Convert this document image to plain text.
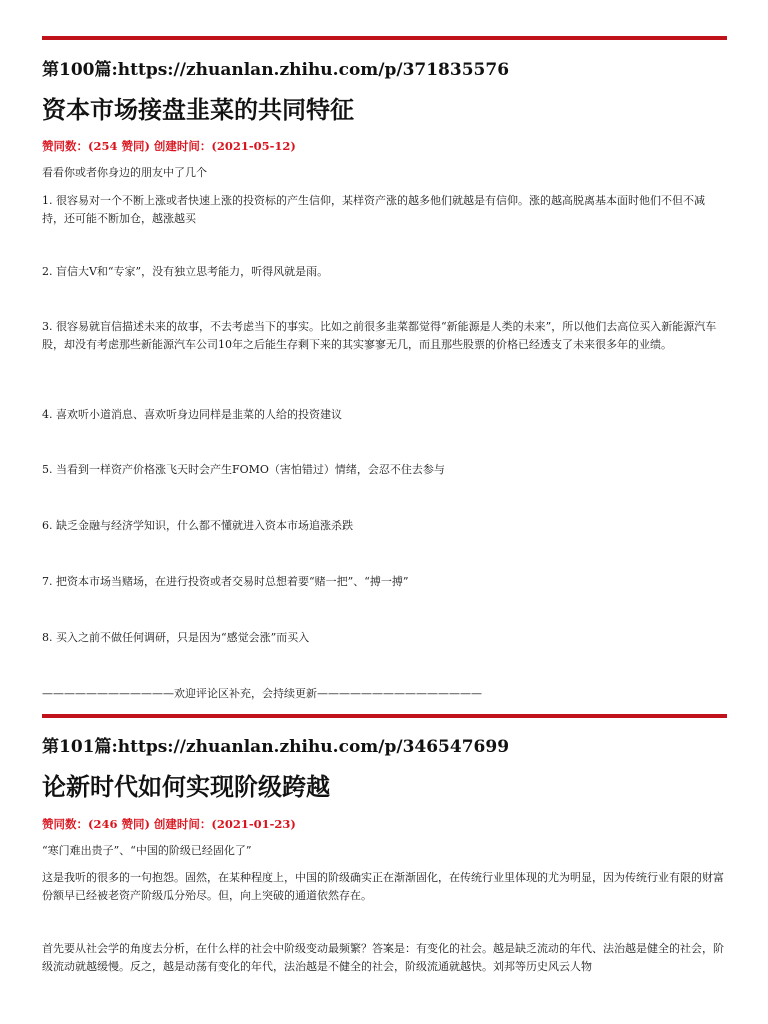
第100篇:https://zhuanlan.zhihu.com/p/371835576
资本市场接盘韭菜的共同特征
赞同数：(254 赞同) 创建时间：(2021-05-12)

看看你或者你身边的朋友中了几个

1. 很容易对一个不断上涨或者快速上涨的投资标的产生信仰，某样资产涨的越多他们就越是有信仰。涨的越高脱离基本面时他们不但不减持，还可能不断加仓，越涨越买

2. 盲信大V和“专家”，没有独立思考能力，听得风就是雨。

3. 很容易就盲信描述未来的故事，不去考虑当下的事实。比如之前很多韭菜都觉得“新能源是人类的未来”，所以他们去高位买入新能源汽车股，却没有考虑那些新能源汽车公司10年之后能生存剩下来的其实寥寥无几，而且那些股票的价格已经透支了未来很多年的业绩。

4. 喜欢听小道消息、喜欢听身边同样是韭菜的人给的投资建议

5. 当看到一样资产价格涨飞天时会产生FOMO（害怕错过）情绪，会忍不住去参与

6. 缺乏金融与经济学知识，什么都不懂就进入资本市场追涨杀跌

7. 把资本市场当赌场，在进行投资或者交易时总想着要“赌一把”、“搏一搏”

8. 买入之前不做任何调研，只是因为“感觉会涨”而买入

————————————欢迎评论区补充，会持续更新———————————————
第101篇:https://zhuanlan.zhihu.com/p/346547699
论新时代如何实现阶级跨越
赞同数：(246 赞同) 创建时间：(2021-01-23)

“寒门难出贵子”、“中国的阶级已经固化了”

这是我听的很多的一句抱怨。固然，在某种程度上，中国的阶级确实正在渐渐固化，在传统行业里体现的尤为明显，因为传统行业有限的财富份额早已经被老资产阶级瓜分殆尽。但，向上突破的通道依然存在。

首先要从社会学的角度去分析，在什么样的社会中阶级变动最频繁？答案是：有变化的社会。越是缺乏流动的年代、法治越是健全的社会，阶级流动就越缓慢。反之，越是动荡有变化的年代，法治越是不健全的社会，阶级流通就越快。刘邦等历史风云人物
